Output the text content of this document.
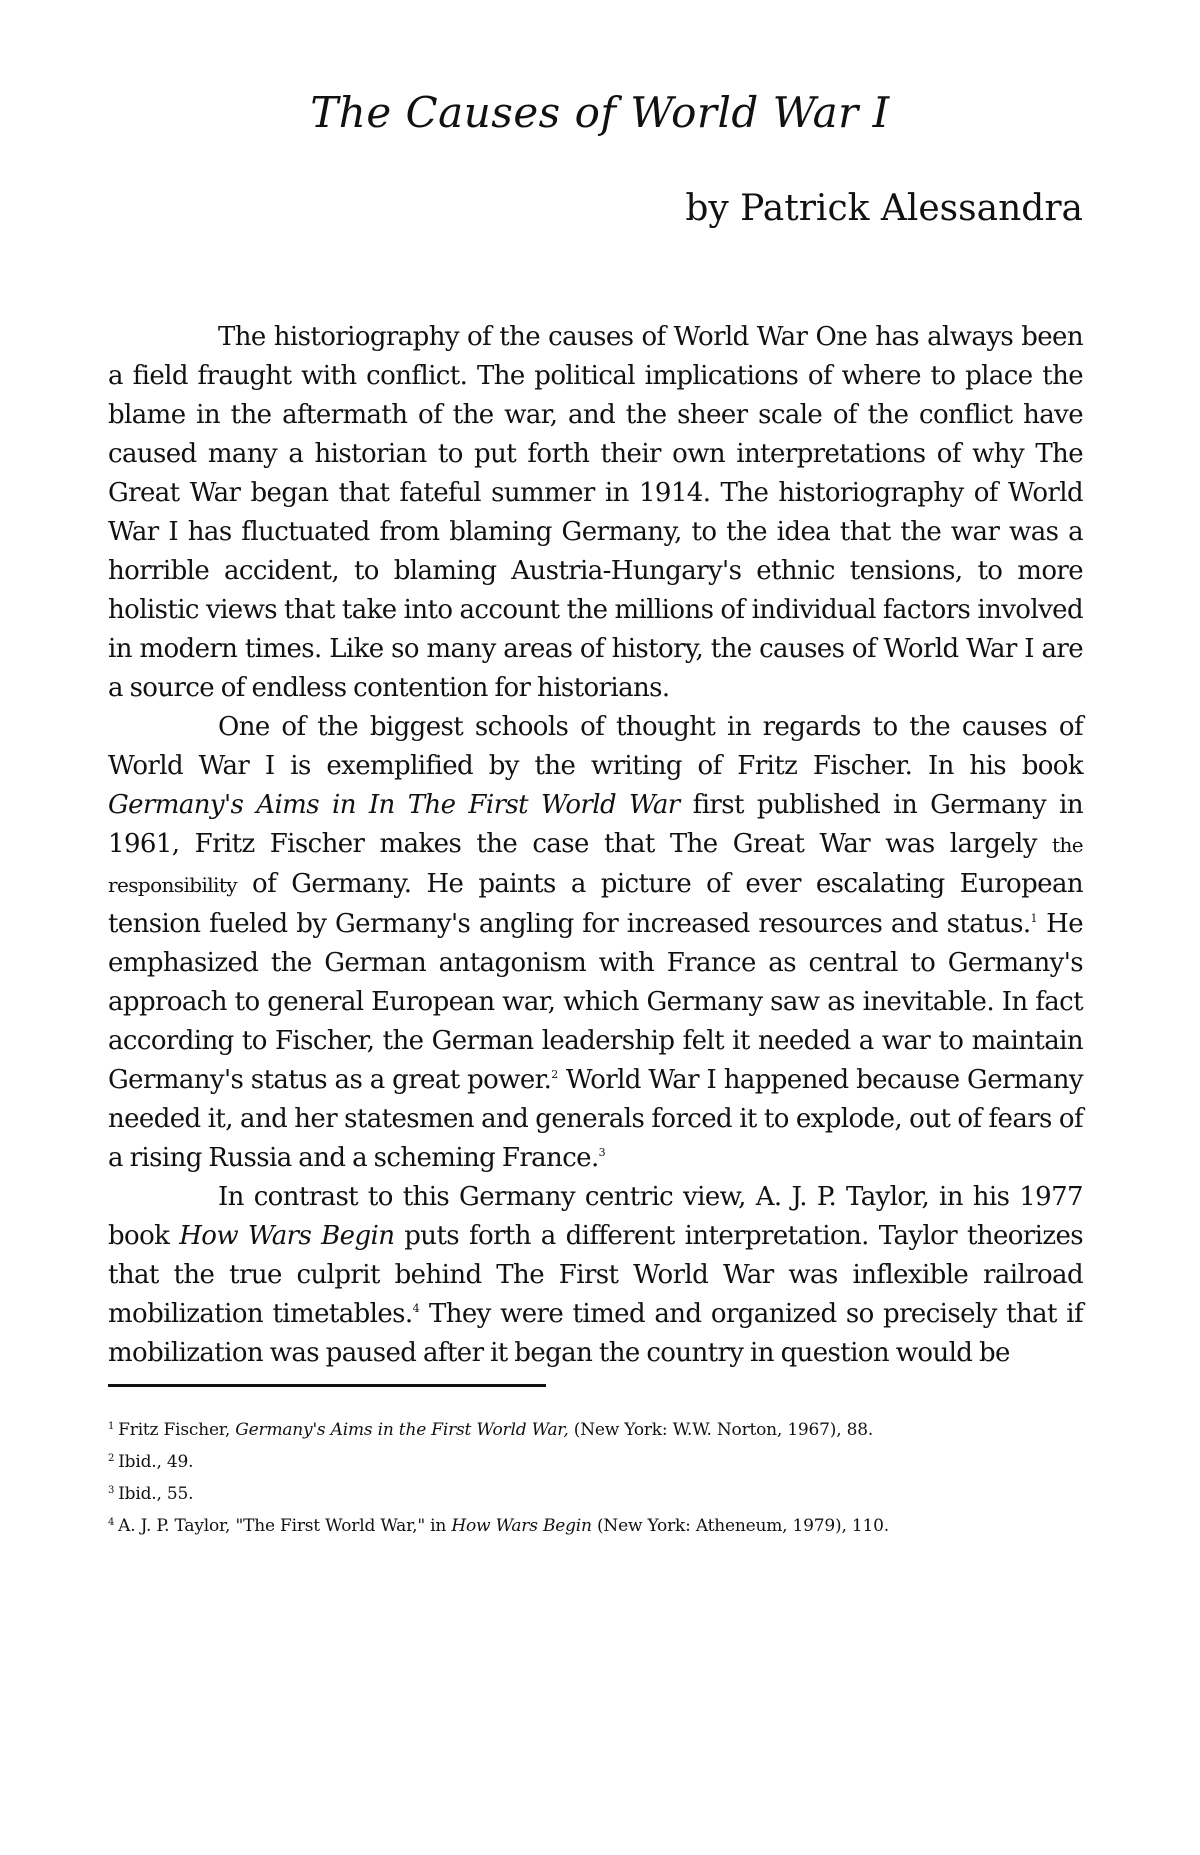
The Causes of World War I
by Patrick Alessandra

The historiography of the causes of World War One has always been a field fraught with conflict. The political implications of where to place the blame in the aftermath of the war, and the sheer scale of the conflict have caused many a historian to put forth their own interpretations of why The Great War began that fateful summer in 1914. The historiography of World War I has fluctuated from blaming Germany, to the idea that the war was a horrible accident, to blaming Austria-Hungary's ethnic tensions, to more holistic views that take into account the millions of individual factors involved in modern times. Like so many areas of history, the causes of World War I are a source of endless contention for historians.

One of the biggest schools of thought in regards to the causes of World War I is exemplified by the writing of Fritz Fischer. In his book Germany's Aims in In The First World War first published in Germany in 1961, Fritz Fischer makes the case that The Great War was largely the responsibility of Germany. He paints a picture of ever escalating European tension fueled by Germany's angling for increased resources and status.$^1$ He emphasized the German antagonism with France as central to Germany's approach to general European war, which Germany saw as inevitable. In fact according to Fischer, the German leadership felt it needed a war to maintain Germany's status as a great power.$^2$ World War I happened because Germany needed it, and her statesmen and generals forced it to explode, out of fears of a rising Russia and a scheming France.$^3$

In contrast to this Germany centric view, A. J. P. Taylor, in his 1977 book How Wars Begin puts forth a different interpretation. Taylor theorizes that the true culprit behind The First World War was inflexible railroad mobilization timetables.$^4$ They were timed and organized so precisely that if mobilization was paused after it began the country in question would be

$^1$ Fritz Fischer, Germany's Aims in the First World War, (New York: W.W. Norton, 1967), 88.

$^2$ Ibid., 49.

$^3$ Ibid., 55.

$^4$ A. J. P. Taylor, "The First World War," in How Wars Begin (New York: Atheneum, 1979), 110.
